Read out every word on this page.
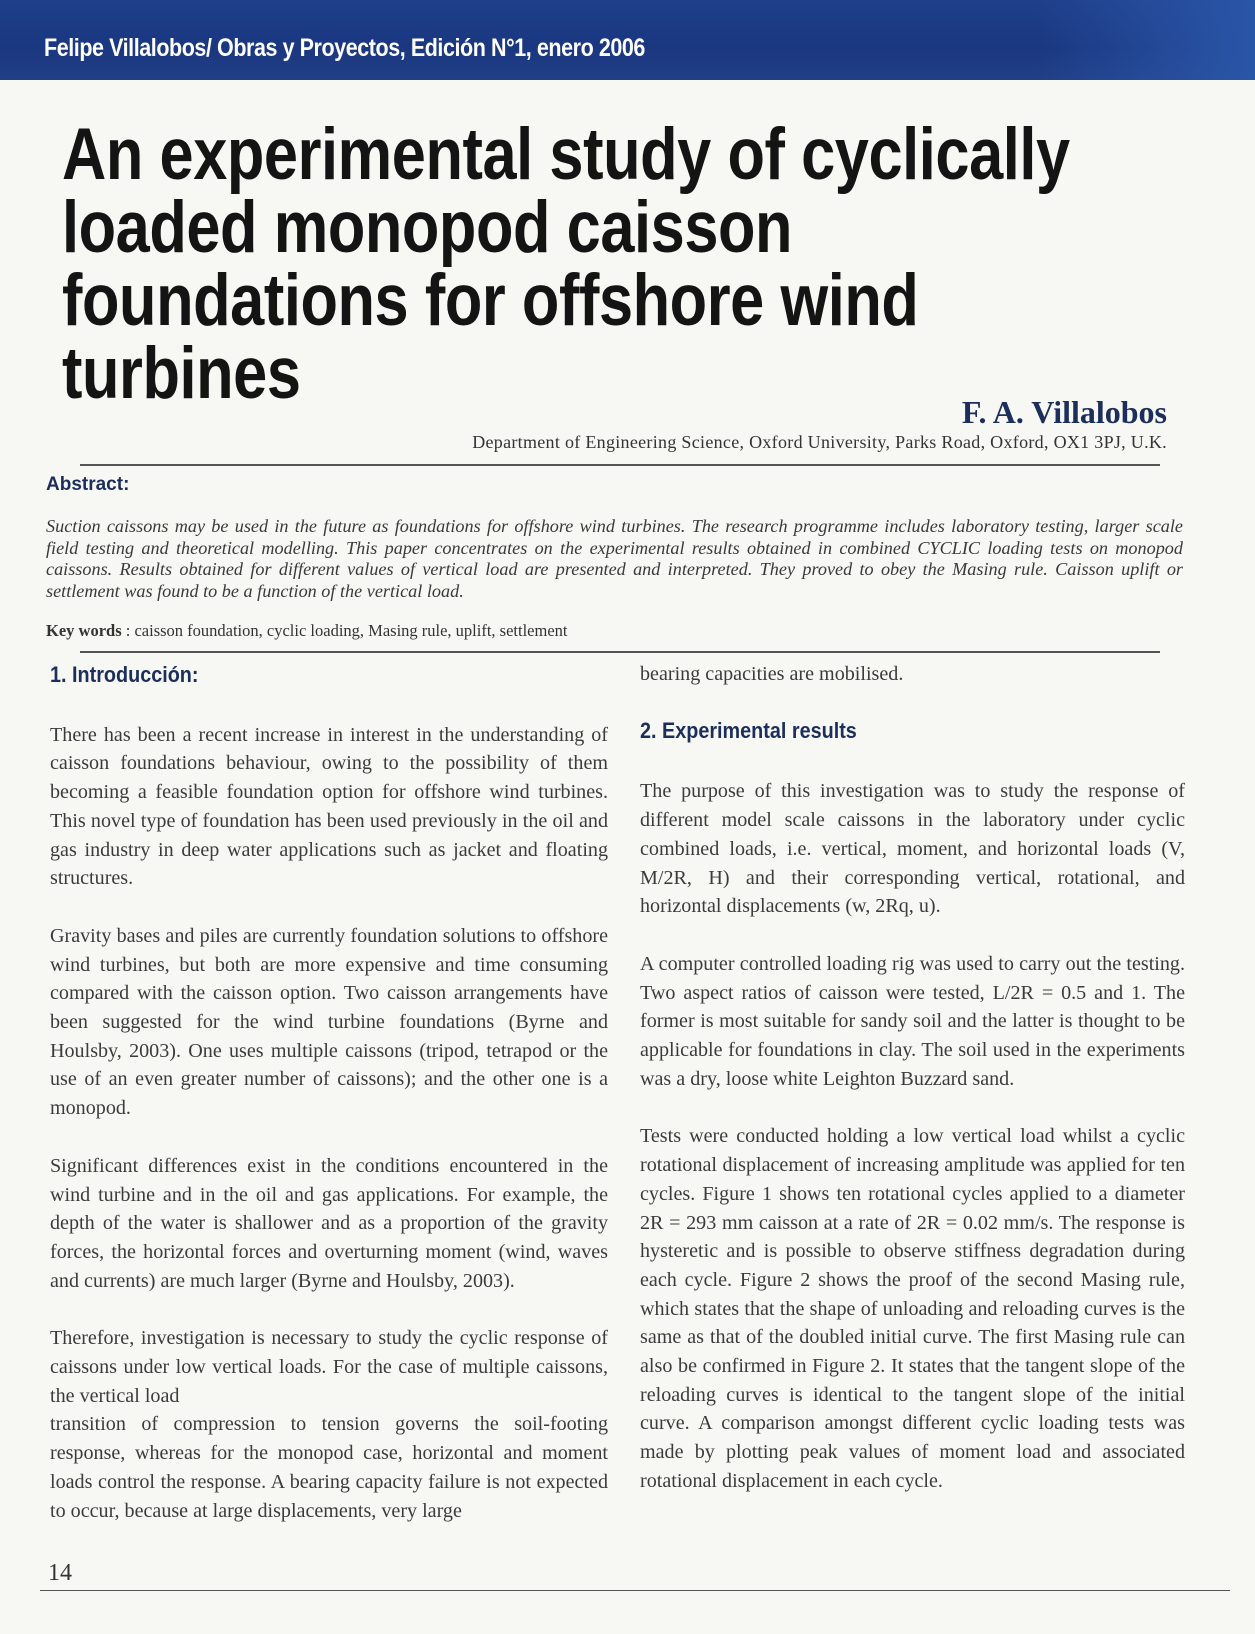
Felipe Villalobos/ Obras y Proyectos, Edición N°1, enero 2006
An experimental study of cyclically
loaded monopod caisson
foundations for offshore wind
turbines	F. A. Villalobos
Department of Engineering Science, Oxford University, Parks Road, Oxford, OX1 3PJ, U.K.
Abstract:

Suction caissons may be used in the future as foundations for offshore wind turbines. The research programme includes laboratory testing, larger scale field testing and theoretical modelling. This paper concentrates on the experimental results obtained in combined CYCLIC loading tests on monopod caissons. Results obtained for different values of vertical load are presented and interpreted. They proved to obey the Masing rule. Caisson uplift or settlement was found to be a function of the vertical load.

Key words : caisson foundation, cyclic loading, Masing rule, uplift, settlement
1. Introducción:

There has been a recent increase in interest in the understanding of caisson foundations behaviour, owing to the possibility of them becoming a feasible foundation option for offshore wind turbines. This novel type of foundation has been used previously in the oil and gas industry in deep water applications such as jacket and floating structures.

Gravity bases and piles are currently foundation solutions to offshore wind turbines, but both are more expensive and time consuming compared with the caisson option. Two caisson arrangements have been suggested for the wind turbine foundations (Byrne and Houlsby, 2003). One uses multiple caissons (tripod, tetrapod or the use of an even greater number of caissons); and the other one is a monopod.

Significant differences exist in the conditions encountered in the wind turbine and in the oil and gas applications. For example, the depth of the water is shallower and as a proportion of the gravity forces, the horizontal forces and overturning moment (wind, waves and currents) are much larger (Byrne and Houlsby, 2003).

Therefore, investigation is necessary to study the cyclic response of caissons under low vertical loads. For the case of multiple caissons, the vertical load

transition of compression to tension governs the soil-footing response, whereas for the monopod case, horizontal and moment loads control the response. A bearing capacity failure is not expected to occur, because at large displacements, very large

bearing capacities are mobilised.

2. Experimental results

The purpose of this investigation was to study the response of different model scale caissons in the laboratory under cyclic combined loads, i.e. vertical, moment, and horizontal loads (V, M/2R, H) and their corresponding vertical, rotational, and horizontal displacements (w, 2Rq, u).

A computer controlled loading rig was used to carry out the testing. Two aspect ratios of caisson were tested, L/2R = 0.5 and 1. The former is most suitable for sandy soil and the latter is thought to be applicable for foundations in clay. The soil used in the experiments was a dry, loose white Leighton Buzzard sand.

Tests were conducted holding a low vertical load whilst a cyclic rotational displacement of increasing amplitude was applied for ten cycles. Figure 1 shows ten rotational cycles applied to a diameter 2R = 293 mm caisson at a rate of 2R = 0.02 mm/s. The response is hysteretic and is possible to observe stiffness degradation during each cycle. Figure 2 shows the proof of the second Masing rule, which states that the shape of unloading and reloading curves is the same as that of the doubled initial curve. The first Masing rule can also be confirmed in Figure 2. It states that the tangent slope of the reloading curves is identical to the tangent slope of the initial curve. A comparison amongst different cyclic loading tests was made by plotting peak values of moment load and associated rotational displacement in each cycle.

14
